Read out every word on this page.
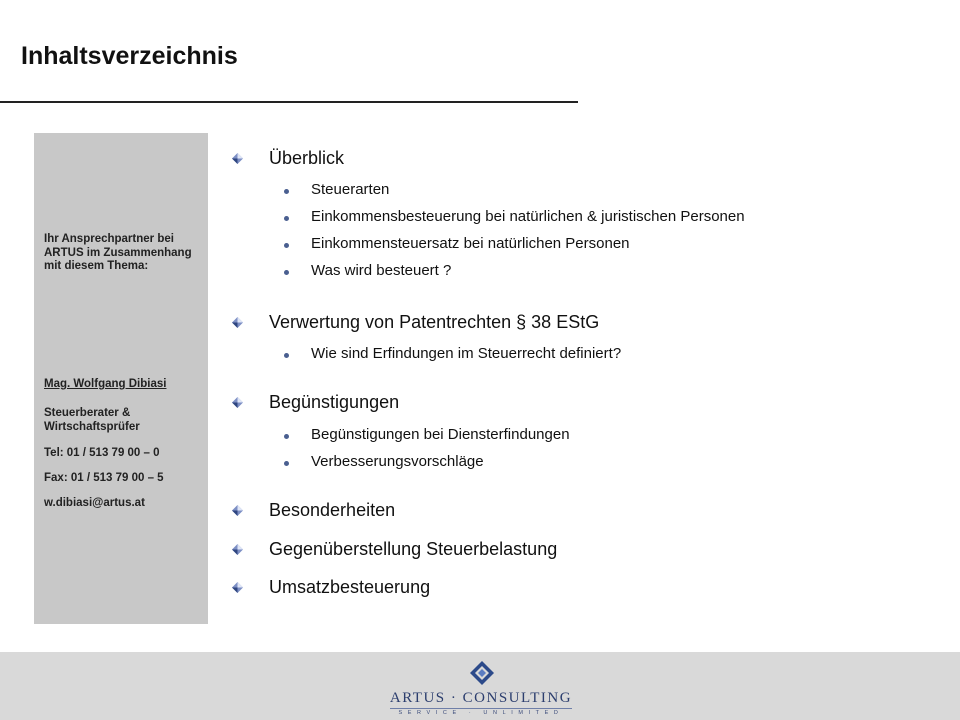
Inhaltsverzeichnis
Ihr Ansprechpartner bei ARTUS im Zusammenhang mit diesem Thema:
Mag. Wolfgang Dibiasi
Steuerberater & Wirtschaftsprüfer
Tel: 01 / 513 79 00 – 0
Fax: 01 / 513 79 00 – 5
w.dibiasi@artus.at
Überblick
Steuerarten
Einkommensbesteuerung bei natürlichen & juristischen Personen
Einkommensteuersatz bei natürlichen Personen
Was wird besteuert ?
Verwertung von Patentrechten § 38 EStG
Wie sind Erfindungen im Steuerrecht definiert?
Begünstigungen
Begünstigungen bei Diensterfindungen
Verbesserungsvorschläge
Besonderheiten
Gegenüberstellung Steuerbelastung
Umsatzbesteuerung
ARTUS · CONSULTING
SERVICE · UNLIMITED
